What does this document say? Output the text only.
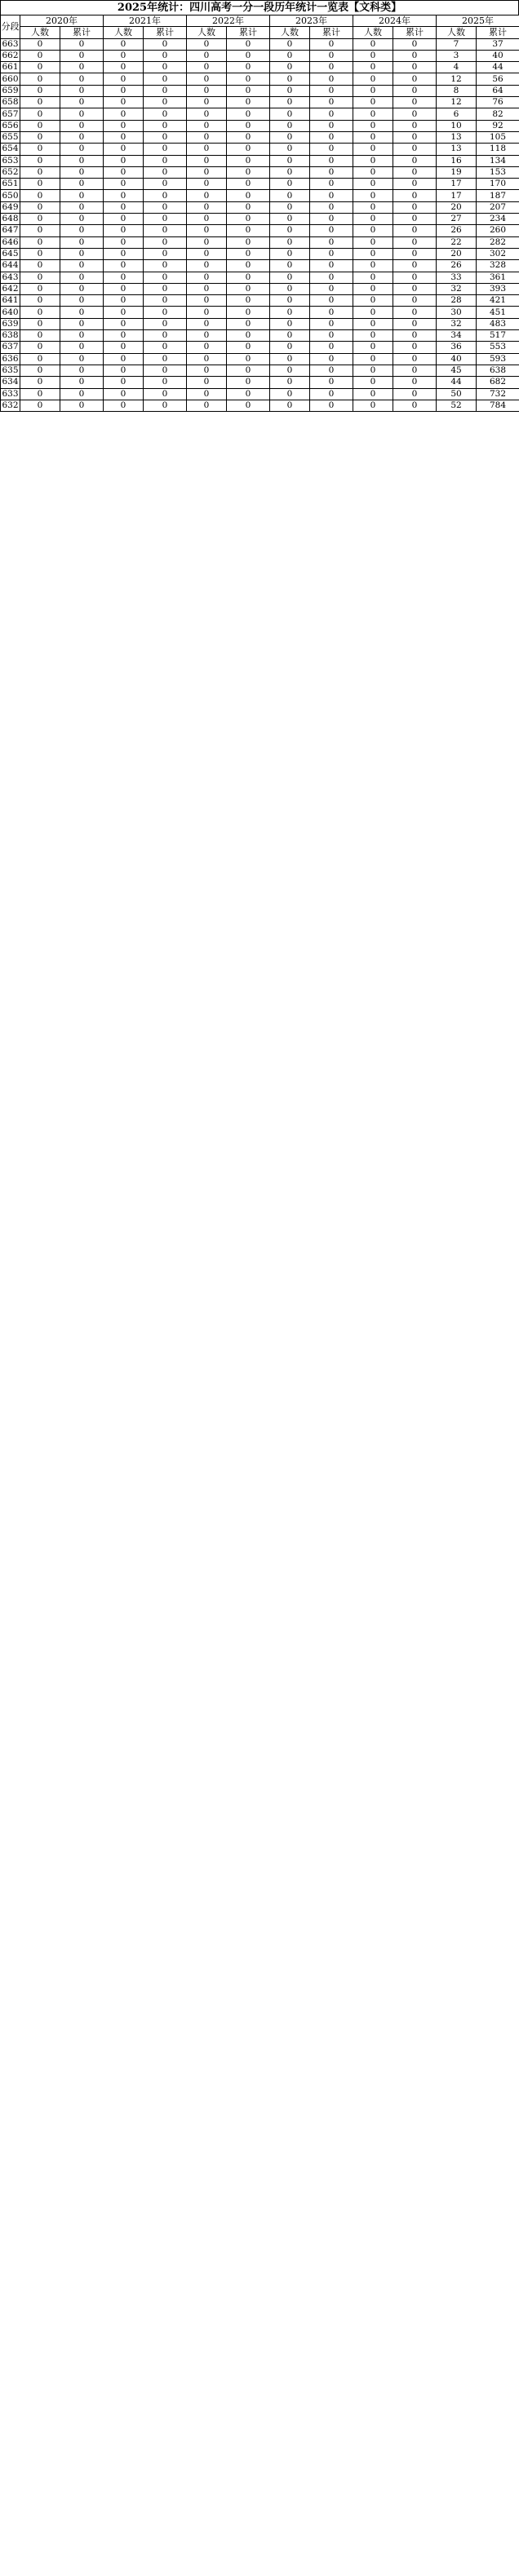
2025年统计：四川高考一分一段历年统计一览表【文科类】
分段	2020年		2021年		2022年		2023年		2024年		2025年	
	人数	累计	人数	累计	人数	累计	人数	累计	人数	累计	人数	累计
663	0	0	0	0	0	0	0	0	0	0	7	37
662	0	0	0	0	0	0	0	0	0	0	3	40
661	0	0	0	0	0	0	0	0	0	0	4	44
660	0	0	0	0	0	0	0	0	0	0	12	56
659	0	0	0	0	0	0	0	0	0	0	8	64
658	0	0	0	0	0	0	0	0	0	0	12	76
657	0	0	0	0	0	0	0	0	0	0	6	82
656	0	0	0	0	0	0	0	0	0	0	10	92
655	0	0	0	0	0	0	0	0	0	0	13	105
654	0	0	0	0	0	0	0	0	0	0	13	118
653	0	0	0	0	0	0	0	0	0	0	16	134
652	0	0	0	0	0	0	0	0	0	0	19	153
651	0	0	0	0	0	0	0	0	0	0	17	170
650	0	0	0	0	0	0	0	0	0	0	17	187
649	0	0	0	0	0	0	0	0	0	0	20	207
648	0	0	0	0	0	0	0	0	0	0	27	234
647	0	0	0	0	0	0	0	0	0	0	26	260
646	0	0	0	0	0	0	0	0	0	0	22	282
645	0	0	0	0	0	0	0	0	0	0	20	302
644	0	0	0	0	0	0	0	0	0	0	26	328
643	0	0	0	0	0	0	0	0	0	0	33	361
642	0	0	0	0	0	0	0	0	0	0	32	393
641	0	0	0	0	0	0	0	0	0	0	28	421
640	0	0	0	0	0	0	0	0	0	0	30	451
639	0	0	0	0	0	0	0	0	0	0	32	483
638	0	0	0	0	0	0	0	0	0	0	34	517
637	0	0	0	0	0	0	0	0	0	0	36	553
636	0	0	0	0	0	0	0	0	0	0	40	593
635	0	0	0	0	0	0	0	0	0	0	45	638
634	0	0	0	0	0	0	0	0	0	0	44	682
633	0	0	0	0	0	0	0	0	0	0	50	732
632	0	0	0	0	0	0	0	0	0	0	52	784
